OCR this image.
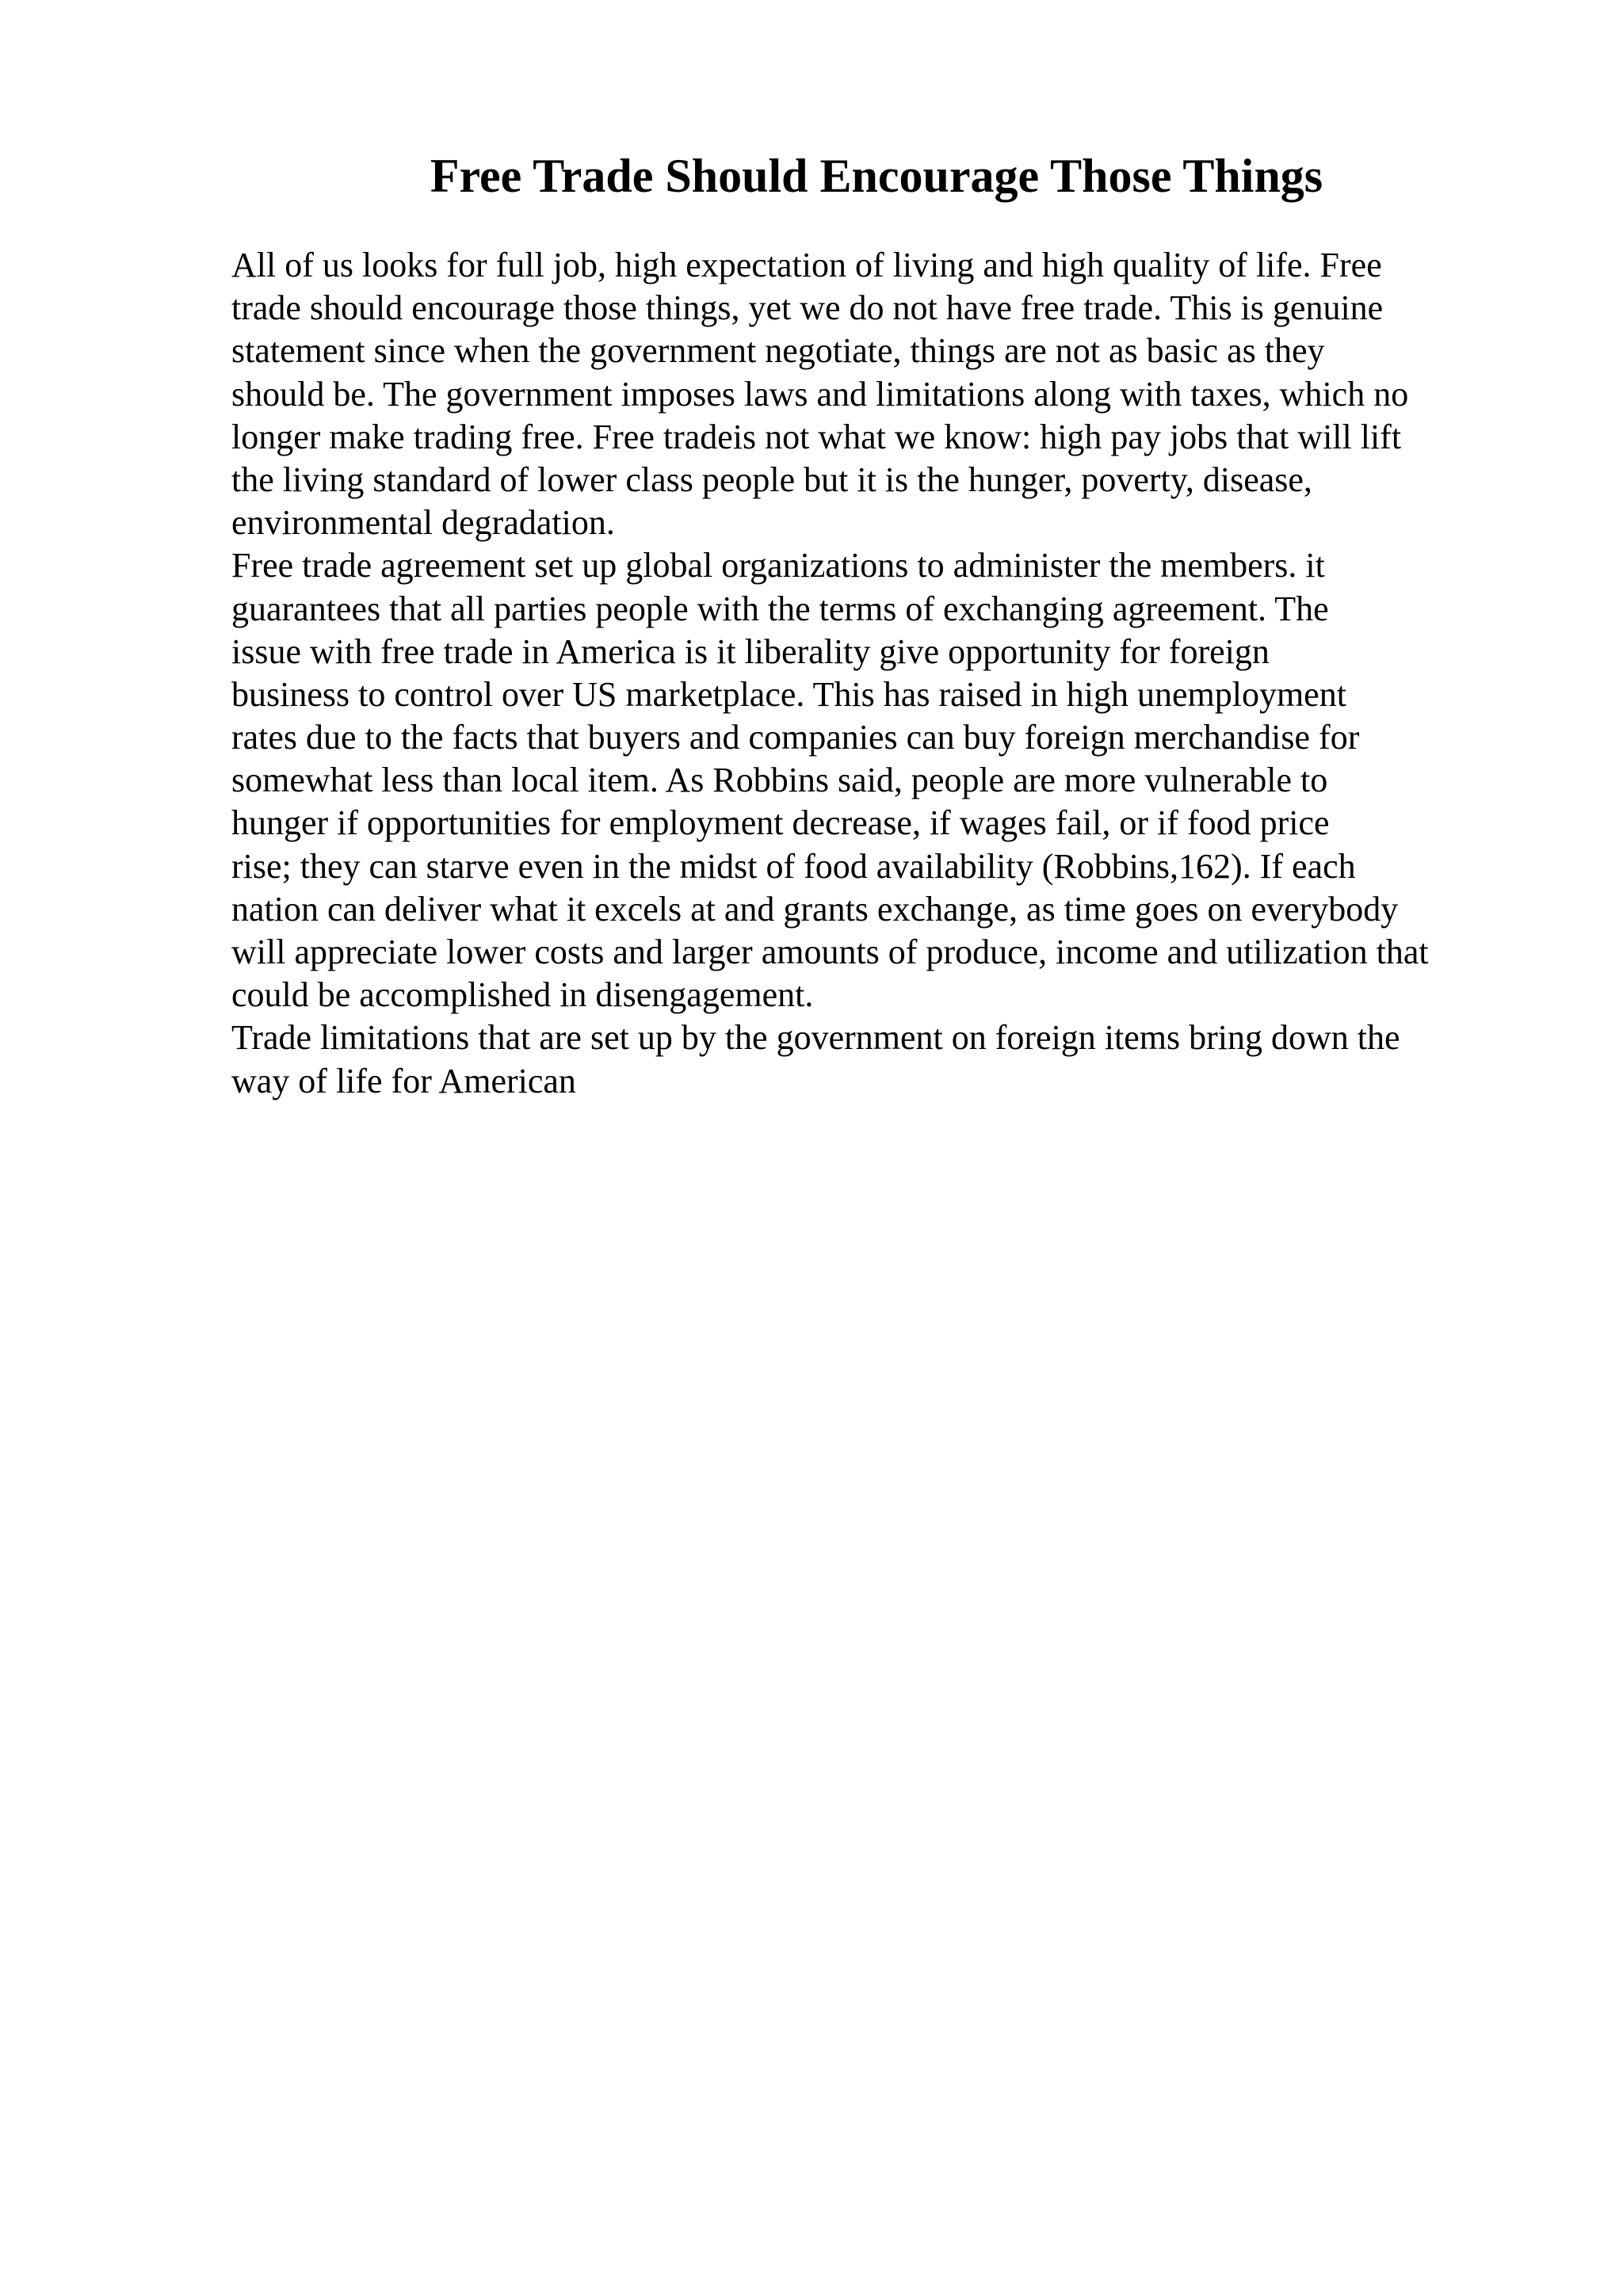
Free Trade Should Encourage Those Things
All of us looks for full job, high expectation of living and high quality of life. Free
trade should encourage those things, yet we do not have free trade. This is genuine
statement since when the government negotiate, things are not as basic as they
should be. The government imposes laws and limitations along with taxes, which no
longer make trading free. Free tradeis not what we know: high pay jobs that will lift
the living standard of lower class people but it is the hunger, poverty, disease,
environmental degradation.
Free trade agreement set up global organizations to administer the members. it
guarantees that all parties people with the terms of exchanging agreement. The
issue with free trade in America is it liberality give opportunity for foreign
business to control over US marketplace. This has raised in high unemployment
rates due to the facts that buyers and companies can buy foreign merchandise for
somewhat less than local item. As Robbins said, people are more vulnerable to
hunger if opportunities for employment decrease, if wages fail, or if food price
rise; they can starve even in the midst of food availability (Robbins,162). If each
nation can deliver what it excels at and grants exchange, as time goes on everybody
will appreciate lower costs and larger amounts of produce, income and utilization that
could be accomplished in disengagement.
Trade limitations that are set up by the government on foreign items bring down the
way of life for American
